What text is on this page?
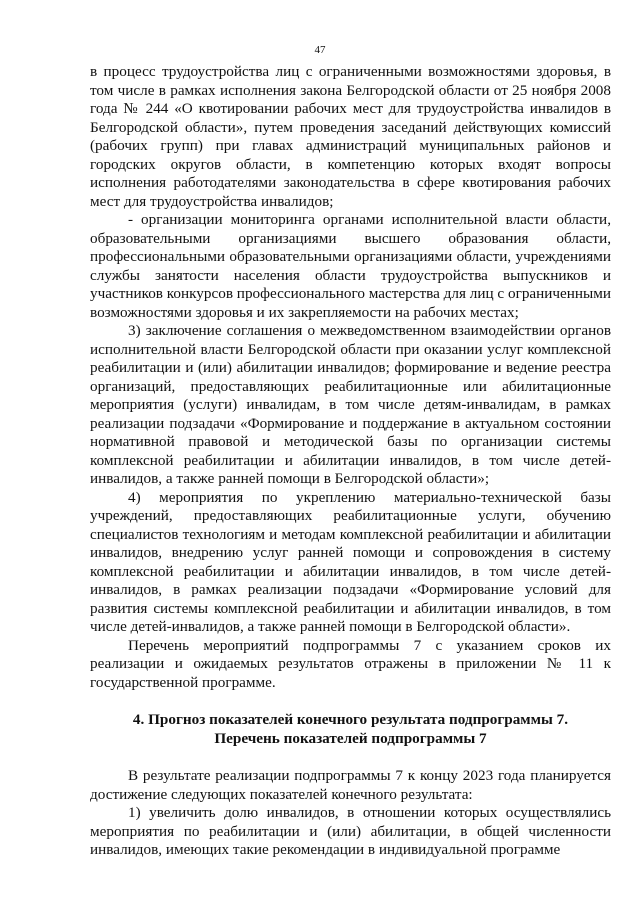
47

в процесс трудоустройства лиц с ограниченными возможностями здоровья, в том числе в рамках исполнения закона Белгородской области от 25 ноября 2008 года № 244 «О квотировании рабочих мест для трудоустройства инвалидов в Белгородской области», путем проведения заседаний действующих комиссий (рабочих групп) при главах администраций муниципальных районов и городских округов области, в компетенцию которых входят вопросы исполнения работодателями законодательства в сфере квотирования рабочих мест для трудоустройства инвалидов;

- организации мониторинга органами исполнительной власти области, образовательными организациями высшего образования области, профессиональными образовательными организациями области, учреждениями службы занятости населения области трудоустройства выпускников и участников конкурсов профессионального мастерства для лиц с ограниченными возможностями здоровья и их закрепляемости на рабочих местах;

3) заключение соглашения о межведомственном взаимодействии органов исполнительной власти Белгородской области при оказании услуг комплексной реабилитации и (или) абилитации инвалидов; формирование и ведение реестра организаций, предоставляющих реабилитационные или абилитационные мероприятия (услуги) инвалидам, в том числе детям-инвалидам, в рамках реализации подзадачи «Формирование и поддержание в актуальном состоянии нормативной правовой и методической базы по организации системы комплексной реабилитации и абилитации инвалидов, в том числе детей-инвалидов, а также ранней помощи в Белгородской области»;

4) мероприятия по укреплению материально-технической базы учреждений, предоставляющих реабилитационные услуги, обучению специалистов технологиям и методам комплексной реабилитации и абилитации инвалидов, внедрению услуг ранней помощи и сопровождения в систему комплексной реабилитации и абилитации инвалидов, в том числе детей-инвалидов, в рамках реализации подзадачи «Формирование условий для развития системы комплексной реабилитации и абилитации инвалидов, в том числе детей-инвалидов, а также ранней помощи в Белгородской области».

Перечень мероприятий подпрограммы 7 с указанием сроков их реализации и ожидаемых результатов отражены в приложении № 11 к государственной программе.

4. Прогноз показателей конечного результата подпрограммы 7.
Перечень показателей подпрограммы 7

В результате реализации подпрограммы 7 к концу 2023 года планируется достижение следующих показателей конечного результата:

1) увеличить долю инвалидов, в отношении которых осуществлялись мероприятия по реабилитации и (или) абилитации, в общей численности инвалидов, имеющих такие рекомендации в индивидуальной программе
